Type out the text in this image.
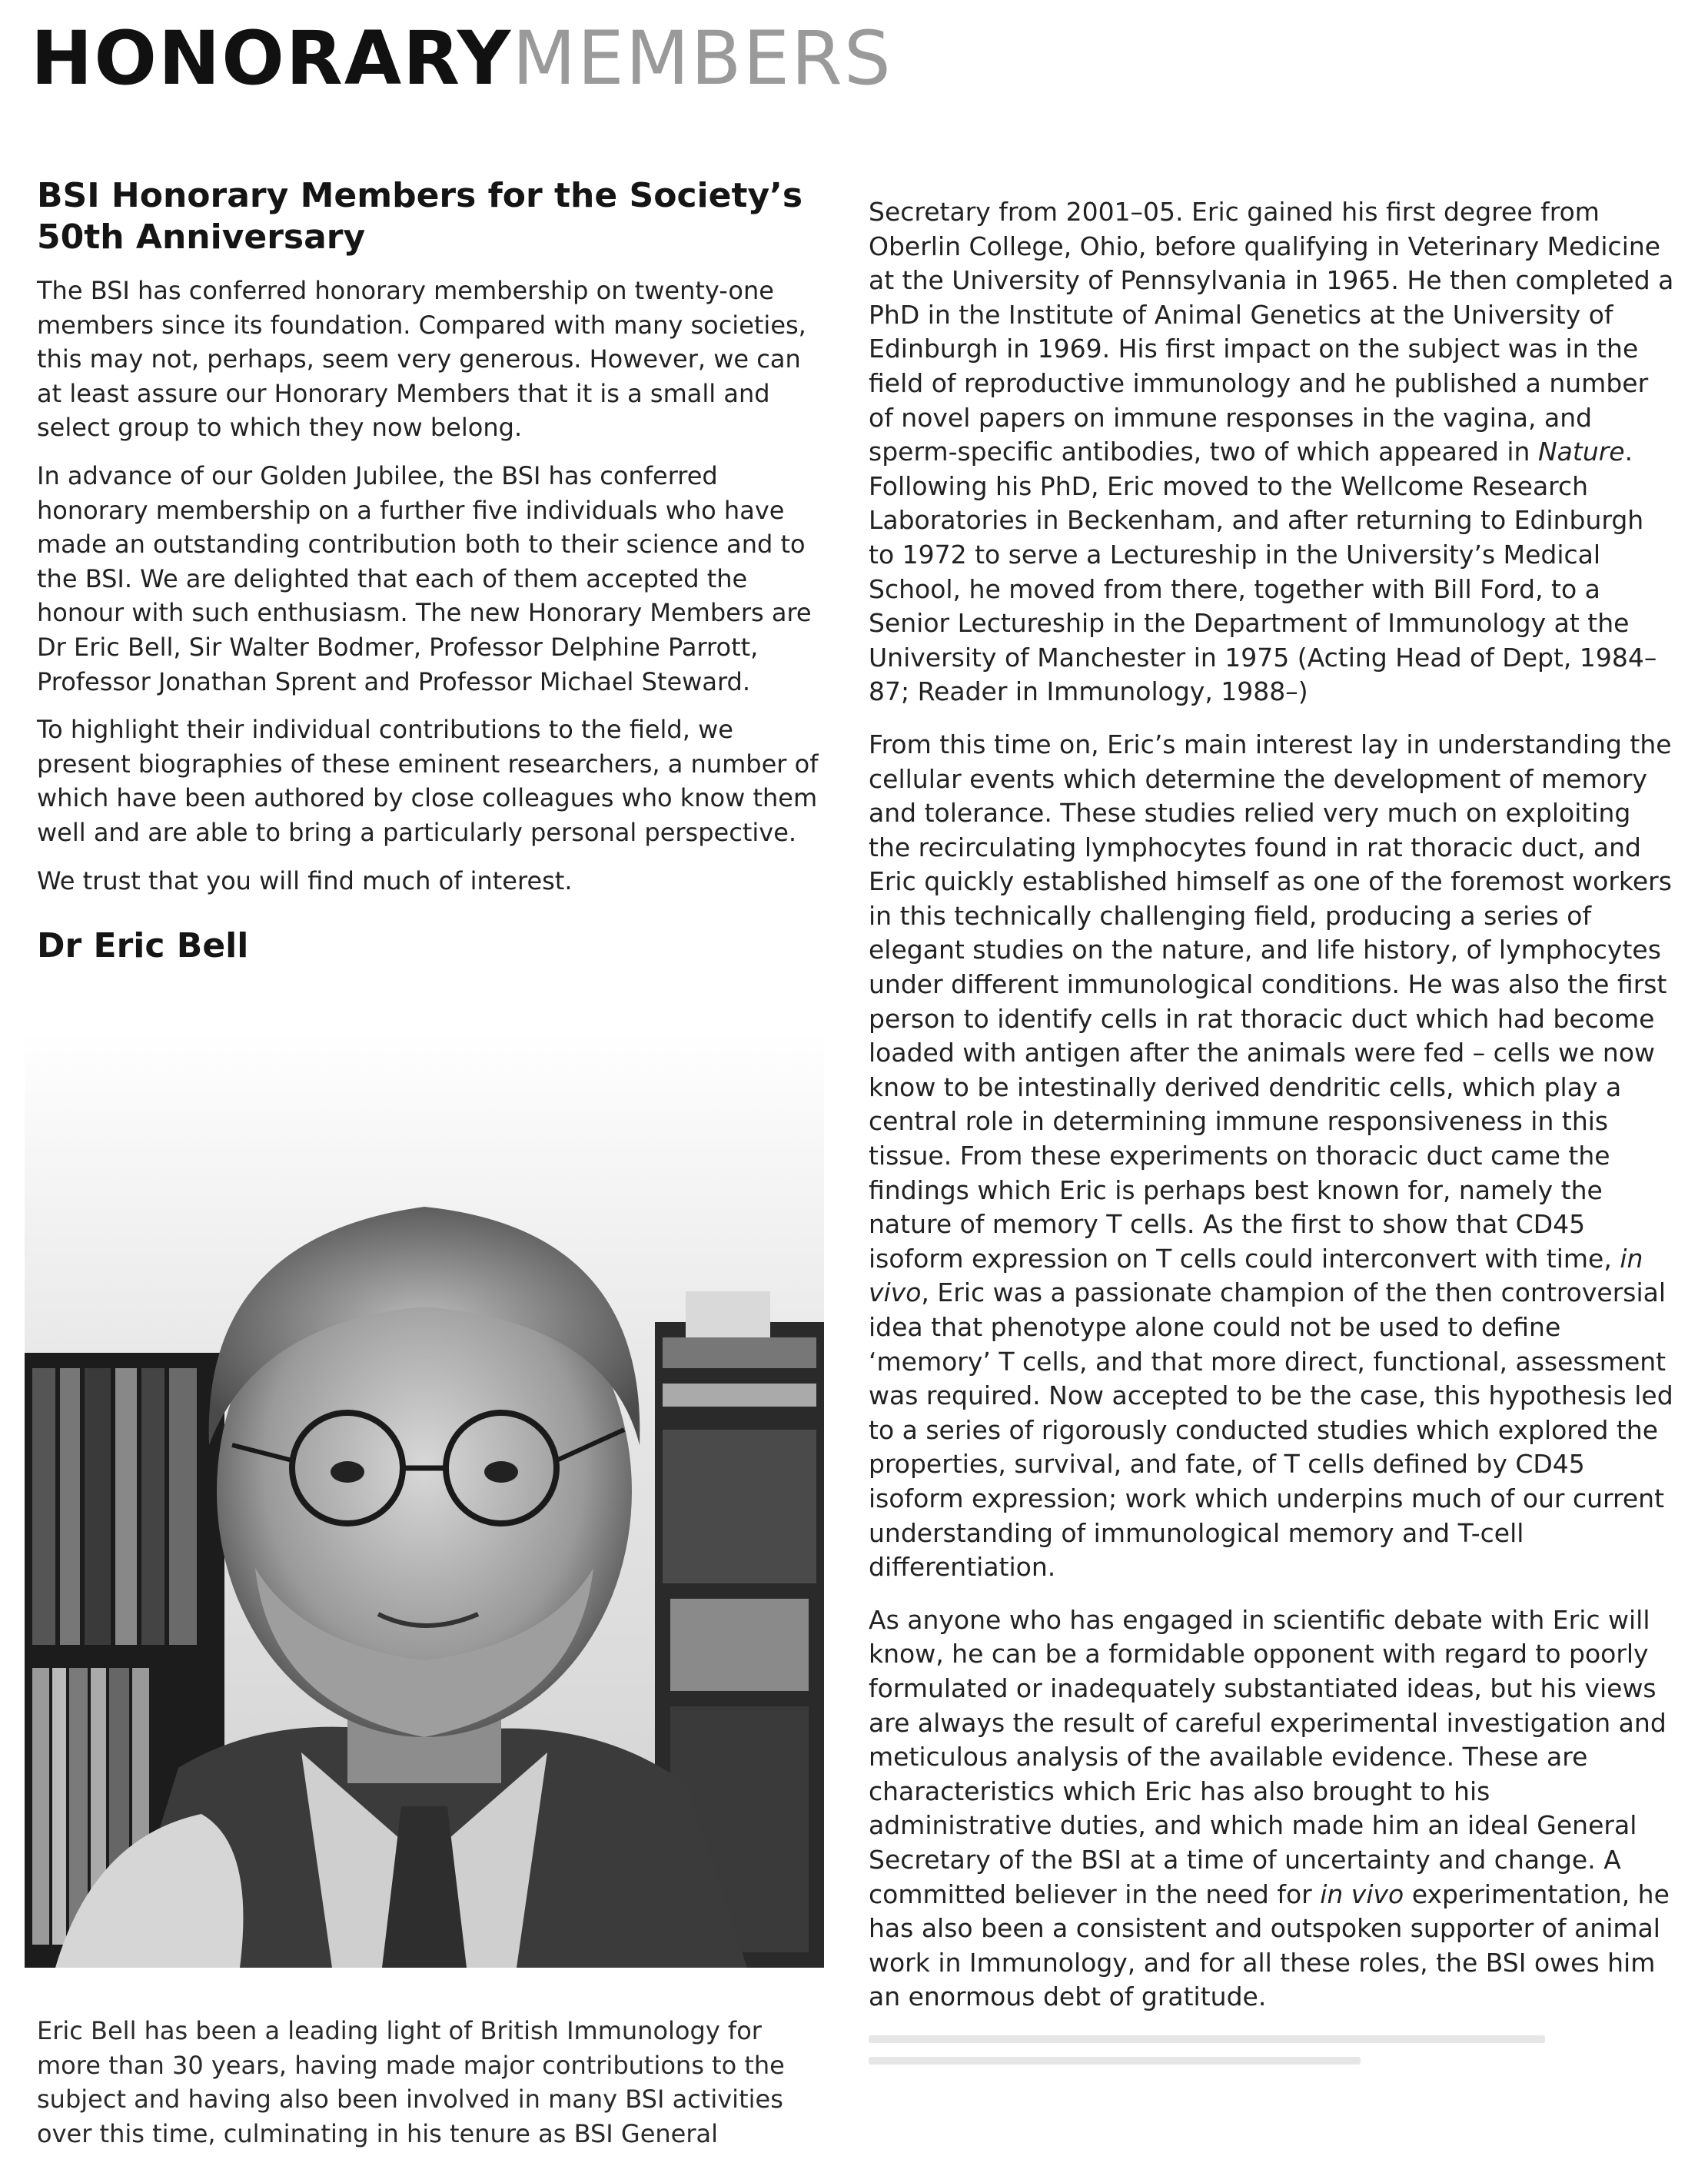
HONORARYMEMBERS
BSI Honorary Members for the Society’s 50th Anniversary

The BSI has conferred honorary membership on twenty-one members since its foundation. Compared with many societies, this may not, perhaps, seem very generous. However, we can at least assure our Honorary Members that it is a small and select group to which they now belong.

In advance of our Golden Jubilee, the BSI has conferred honorary membership on a further five individuals who have made an outstanding contribution both to their science and to the BSI. We are delighted that each of them accepted the honour with such enthusiasm. The new Honorary Members are Dr Eric Bell, Sir Walter Bodmer, Professor Delphine Parrott, Professor Jonathan Sprent and Professor Michael Steward.

To highlight their individual contributions to the field, we present biographies of these eminent researchers, a number of which have been authored by close colleagues who know them well and are able to bring a particularly personal perspective.

We trust that you will find much of interest.

Dr Eric Bell
Eric Bell has been a leading light of British Immunology for more than 30 years, having made major contributions to the subject and having also been involved in many BSI activities over this time, culminating in his tenure as BSI General

Secretary from 2001–05. Eric gained his first degree from Oberlin College, Ohio, before qualifying in Veterinary Medicine at the University of Pennsylvania in 1965. He then completed a PhD in the Institute of Animal Genetics at the University of Edinburgh in 1969. His first impact on the subject was in the field of reproductive immunology and he published a number of novel papers on immune responses in the vagina, and sperm-specific antibodies, two of which appeared in Nature. Following his PhD, Eric moved to the Wellcome Research Laboratories in Beckenham, and after returning to Edinburgh to 1972 to serve a Lectureship in the University’s Medical School, he moved from there, together with Bill Ford, to a Senior Lectureship in the Department of Immunology at the University of Manchester in 1975 (Acting Head of Dept, 1984–87; Reader in Immunology, 1988–)

From this time on, Eric’s main interest lay in understanding the cellular events which determine the development of memory and tolerance. These studies relied very much on exploiting the recirculating lymphocytes found in rat thoracic duct, and Eric quickly established himself as one of the foremost workers in this technically challenging field, producing a series of elegant studies on the nature, and life history, of lymphocytes under different immunological conditions. He was also the first person to identify cells in rat thoracic duct which had become loaded with antigen after the animals were fed – cells we now know to be intestinally derived dendritic cells, which play a central role in determining immune responsiveness in this tissue. From these experiments on thoracic duct came the findings which Eric is perhaps best known for, namely the nature of memory T cells. As the first to show that CD45 isoform expression on T cells could interconvert with time, in vivo, Eric was a passionate champion of the then controversial idea that phenotype alone could not be used to define ‘memory’ T cells, and that more direct, functional, assessment was required. Now accepted to be the case, this hypothesis led to a series of rigorously conducted studies which explored the properties, survival, and fate, of T cells defined by CD45 isoform expression; work which underpins much of our current understanding of immunological memory and T-cell differentiation.

As anyone who has engaged in scientific debate with Eric will know, he can be a formidable opponent with regard to poorly formulated or inadequately substantiated ideas, but his views are always the result of careful experimental investigation and meticulous analysis of the available evidence. These are characteristics which Eric has also brought to his administrative duties, and which made him an ideal General Secretary of the BSI at a time of uncertainty and change. A committed believer in the need for in vivo experimentation, he has also been a consistent and outspoken supporter of animal work in Immunology, and for all these roles, the BSI owes him an enormous debt of gratitude.
